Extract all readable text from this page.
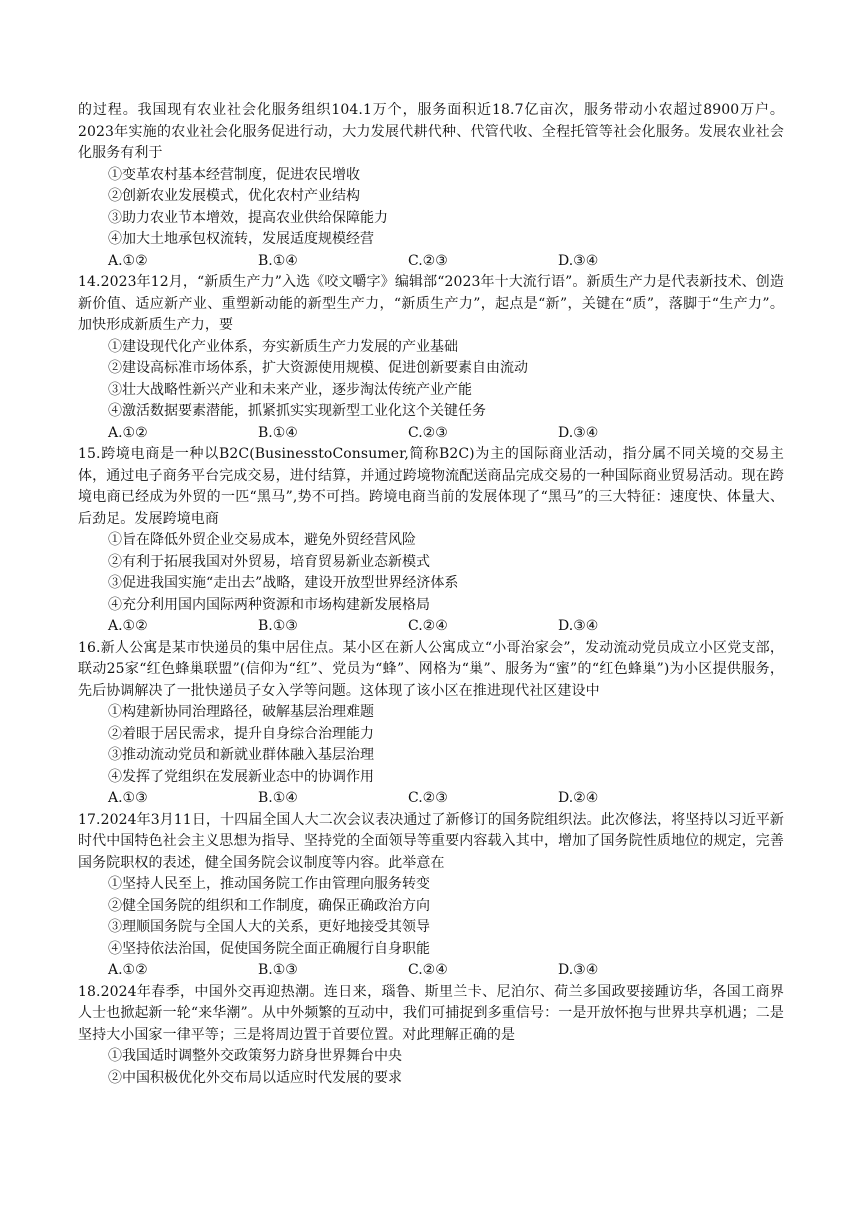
的过程。我国现有农业社会化服务组织104.1万个，服务面积近18.7亿亩次，服务带动小农超过8900万户。2023年实施的农业社会化服务促进行动，大力发展代耕代种、代管代收、全程托管等社会化服务。发展农业社会化服务有利于

①变革农村基本经营制度，促进农民增收

②创新农业发展模式，优化农村产业结构

③助力农业节本增效，提高农业供给保障能力

④加大土地承包权流转，发展适度规模经营

A.①②	B.①④	C.②③	D.③④

14.2023年12月，“新质生产力”入选《咬文嚼字》编辑部“2023年十大流行语”。新质生产力是代表新技术、创造新价值、适应新产业、重塑新动能的新型生产力，“新质生产力”，起点是“新”，关键在“质”，落脚于“生产力”。加快形成新质生产力，要

①建设现代化产业体系，夯实新质生产力发展的产业基础

②建设高标准市场体系，扩大资源使用规模、促进创新要素自由流动

③壮大战略性新兴产业和未来产业，逐步淘汰传统产业产能

④激活数据要素潜能，抓紧抓实实现新型工业化这个关键任务

A.①②	B.①④	C.②③	D.③④

15.跨境电商是一种以B2C(BusinesstoConsumer,简称B2C)为主的国际商业活动，指分属不同关境的交易主体，通过电子商务平台完成交易，进付结算，并通过跨境物流配送商品完成交易的一种国际商业贸易活动。现在跨境电商已经成为外贸的一匹“黑马”,势不可挡。跨境电商当前的发展体现了“黑马”的三大特征：速度快、体量大、后劲足。发展跨境电商

①旨在降低外贸企业交易成本，避免外贸经营风险

②有利于拓展我国对外贸易，培育贸易新业态新模式

③促进我国实施“走出去”战略，建设开放型世界经济体系

④充分利用国内国际两种资源和市场构建新发展格局

A.①②	B.①③	C.②④	D.③④

16.新人公寓是某市快递员的集中居住点。某小区在新人公寓成立“小哥治家会”，发动流动党员成立小区党支部，联动25家“红色蜂巢联盟”(信仰为“红”、党员为“蜂”、网格为“巢”、服务为“蜜”的“红色蜂巢”)为小区提供服务，先后协调解决了一批快递员子女入学等问题。这体现了该小区在推进现代社区建设中

①构建新协同治理路径，破解基层治理难题

②着眼于居民需求，提升自身综合治理能力

③推动流动党员和新就业群体融入基层治理

④发挥了党组织在发展新业态中的协调作用

A.①③	B.①④	C.②③	D.②④

17.2024年3月11日，十四届全国人大二次会议表决通过了新修订的国务院组织法。此次修法，将坚持以习近平新时代中国特色社会主义思想为指导、坚持党的全面领导等重要内容载入其中，增加了国务院性质地位的规定，完善国务院职权的表述，健全国务院会议制度等内容。此举意在

①坚持人民至上，推动国务院工作由管理向服务转变

②健全国务院的组织和工作制度，确保正确政治方向

③理顺国务院与全国人大的关系，更好地接受其领导

④坚持依法治国，促使国务院全面正确履行自身职能

A.①②	B.①③	C.②④	D.③④

18.2024年春季，中国外交再迎热潮。连日来，瑙鲁、斯里兰卡、尼泊尔、荷兰多国政要接踵访华，各国工商界人士也掀起新一轮“来华潮”。从中外频繁的互动中，我们可捕捉到多重信号：一是开放怀抱与世界共享机遇；二是坚持大小国家一律平等；三是将周边置于首要位置。对此理解正确的是

①我国适时调整外交政策努力跻身世界舞台中央

②中国积极优化外交布局以适应时代发展的要求
